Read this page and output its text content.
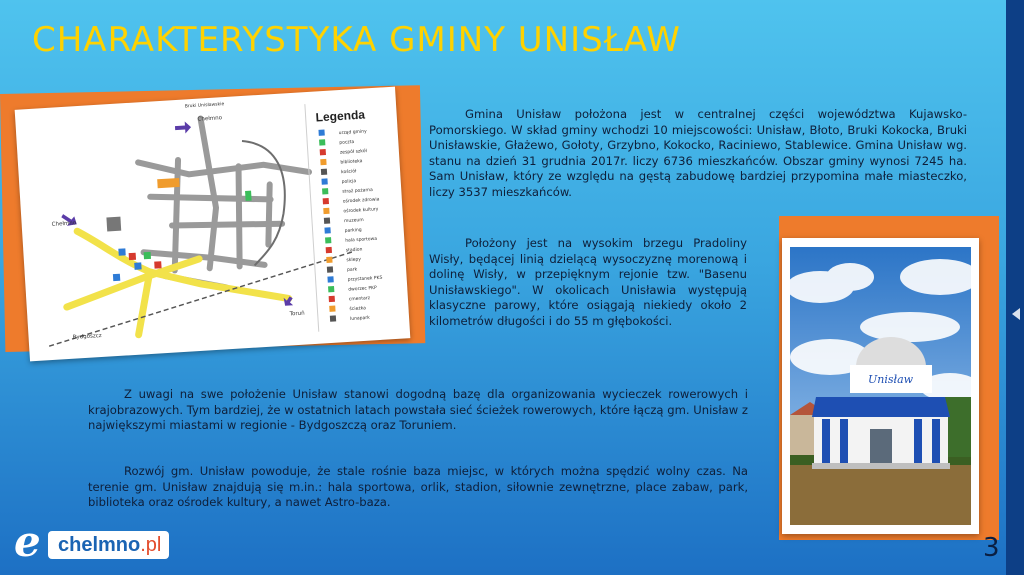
CHARAKTERYSTYKA GMINY UNISŁAW
Chełmno
Chełmno
Toruń
Bydgoszcz
Bruki Unisławskie
Legenda
urząd gminy
poczta
zespół szkół
biblioteka
kościół
policja
straż pożarna
ośrodek zdrowia
ośrodek kultury
muzeum
parking
hala sportowa
stadion
sklepy
park
przystanek PKS
dworzec PKP
cmentarz
ścieżka
lunapark
Unisław

Gmina Unisław położona jest w centralnej części województwa Kujawsko-Pomorskiego. W skład gminy wchodzi 10 miejscowości: Unisław, Błoto, Bruki Kokocka, Bruki Unisławskie, Głażewo, Gołoty, Grzybno, Kokocko, Raciniewo, Stablewice. Gmina Unisław wg. stanu na dzień 31 grudnia 2017r. liczy 6736 mieszkańców. Obszar gminy wynosi 7245 ha. Sam Unisław, który ze względu na gęstą zabudowę bardziej przypomina małe miasteczko, liczy 3537 mieszkańców.

Położony jest na wysokim brzegu Pradoliny Wisły, będącej linią dzielącą wysoczyznę morenową i dolinę Wisły, w przepięknym rejonie tzw. "Basenu Unisławskiego". W okolicach Unisławia występują klasyczne parowy, które osiągają niekiedy około 2 kilometrów długości i do 55 m głębokości.

Z uwagi na swe położenie Unisław stanowi dogodną bazę dla organizowania wycieczek rowerowych i krajobrazowych. Tym bardziej, że w ostatnich latach powstała sieć ścieżek rowerowych, które łączą gm. Unisław z największymi miastami w regionie - Bydgoszczą oraz Toruniem.

Rozwój gm. Unisław powoduje, że stale rośnie baza miejsc, w których można spędzić wolny czas. Na terenie gm. Unisław znajdują się m.in.: hala sportowa, orlik, stadion, siłownie zewnętrzne, place zabaw, park, biblioteka oraz ośrodek kultury, a nawet Astro-baza.

e chelmno.pl	3
